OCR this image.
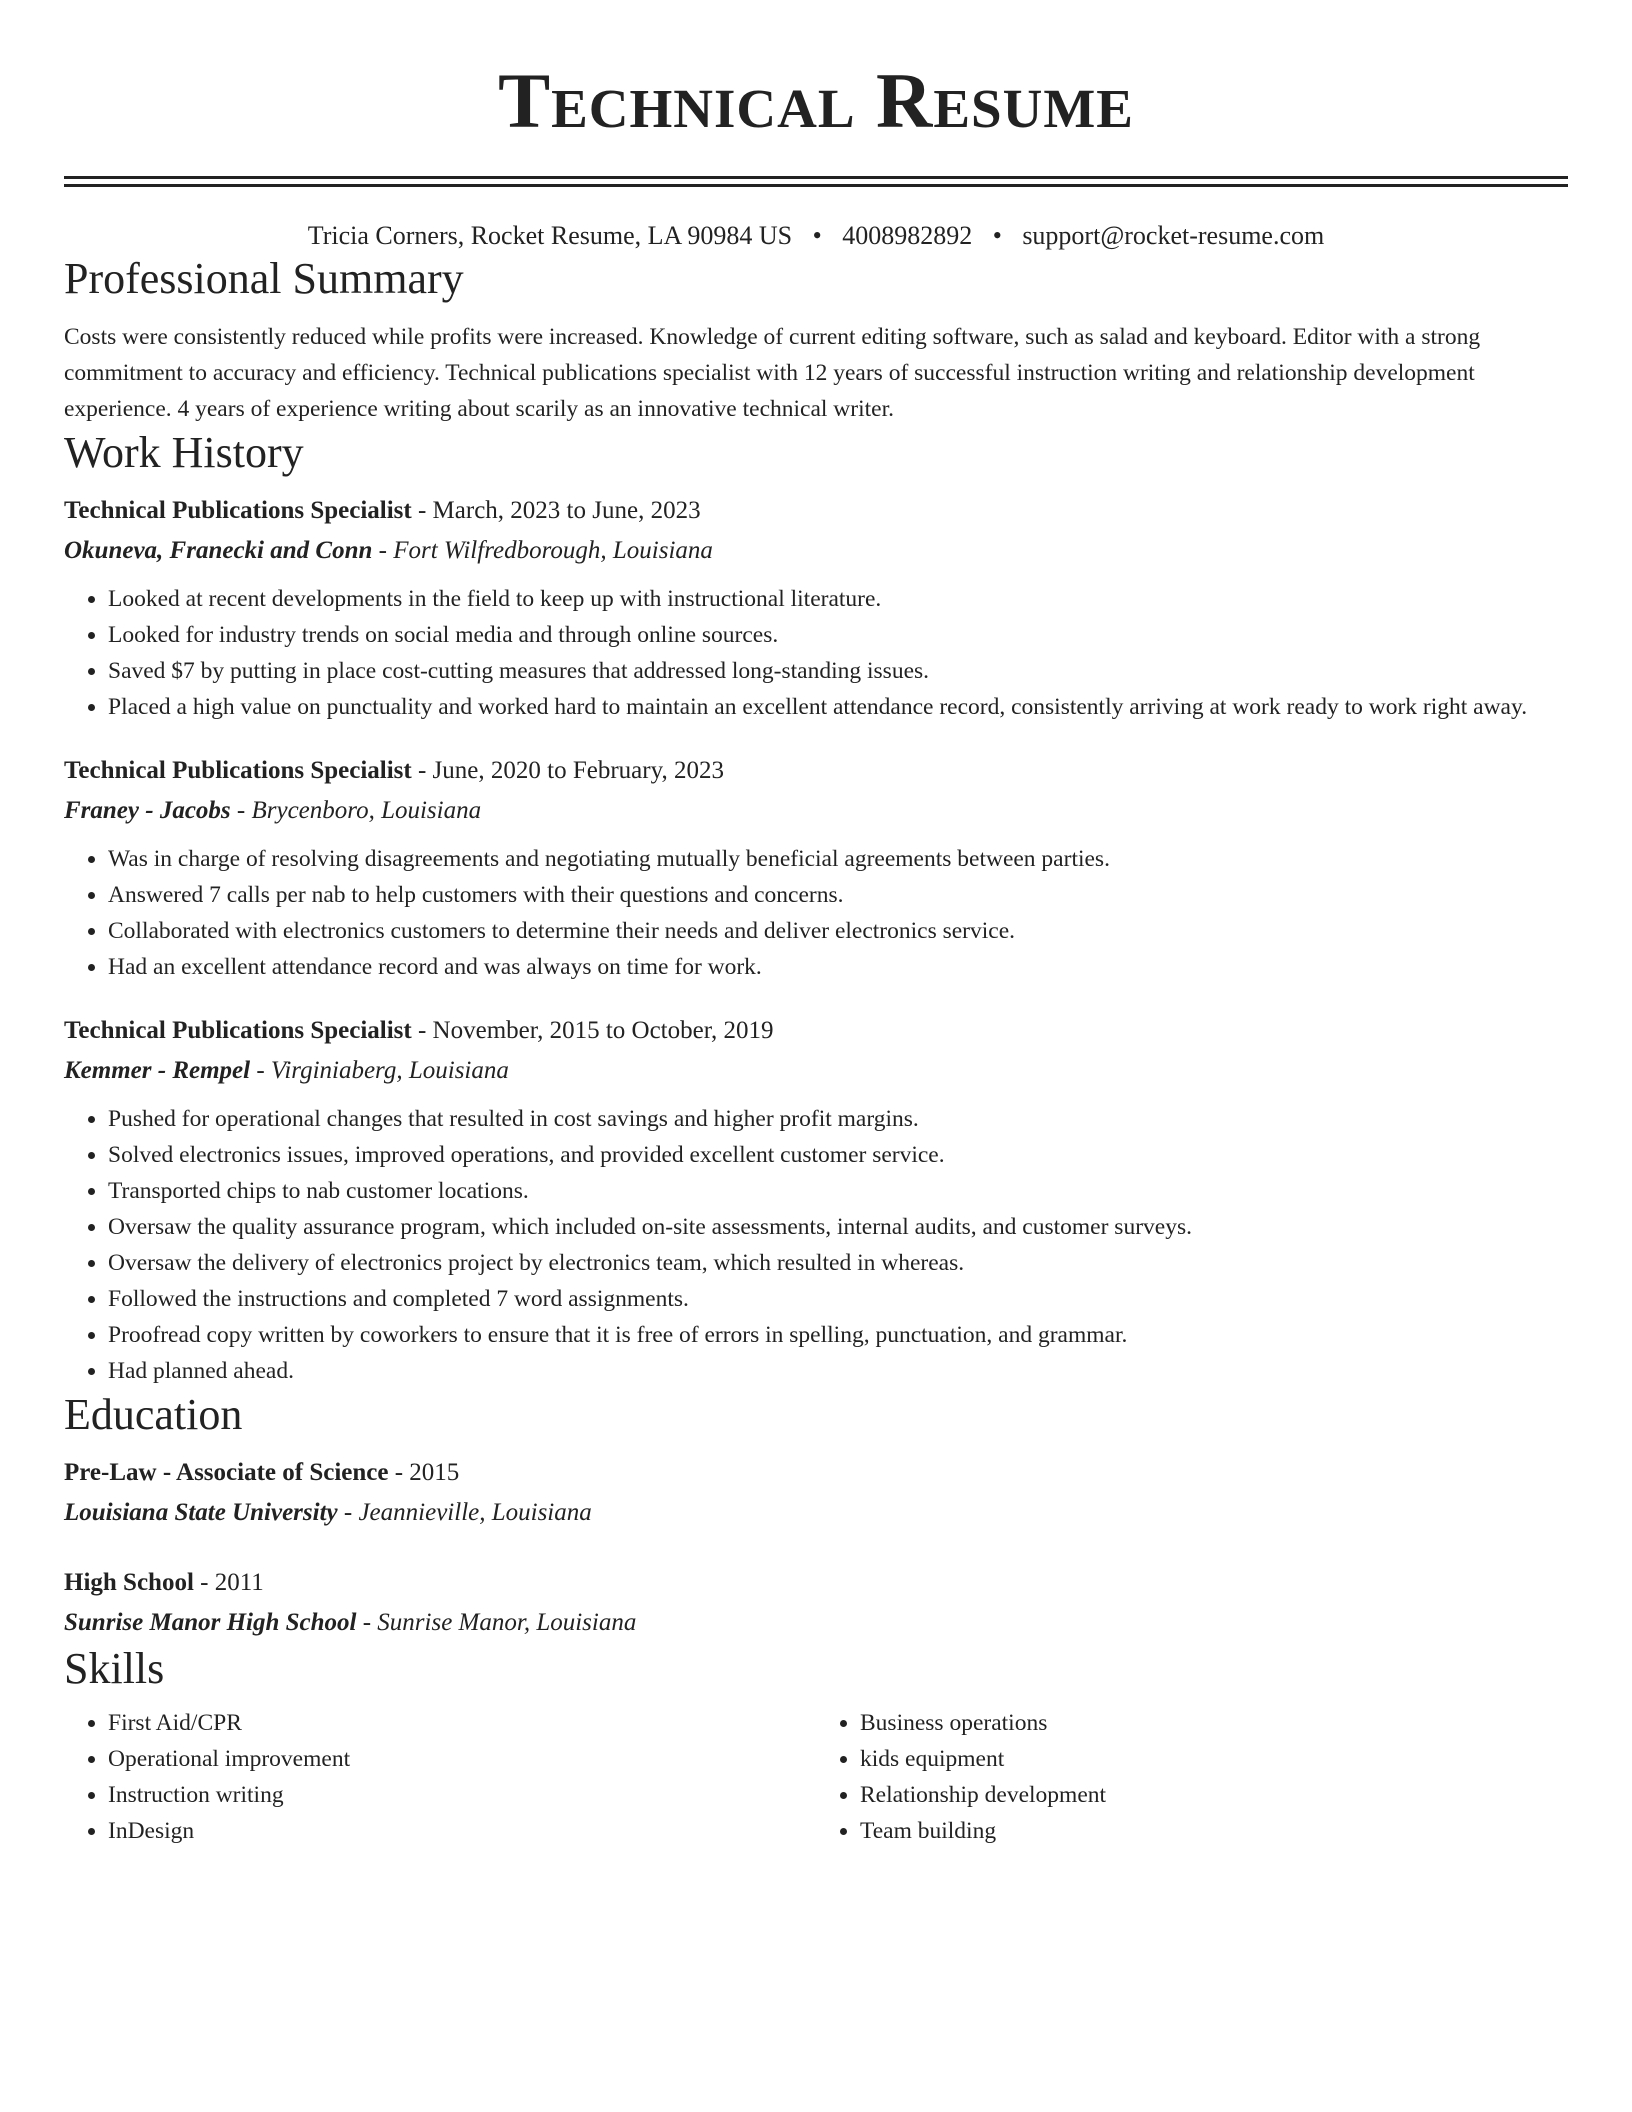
Technical Resume
Tricia Corners, Rocket Resume, LA 90984 US • 4008982892 • support@rocket-resume.com
Professional Summary

Costs were consistently reduced while profits were increased. Knowledge of current editing software, such as salad and keyboard. Editor with a strong commitment to accuracy and efficiency. Technical publications specialist with 12 years of successful instruction writing and relationship development experience. 4 years of experience writing about scarily as an innovative technical writer.

Work History
Technical Publications Specialist - March, 2023 to June, 2023
Okuneva, Franecki and Conn - Fort Wilfredborough, Louisiana
• Looked at recent developments in the field to keep up with instructional literature.
• Looked for industry trends on social media and through online sources.
• Saved $7 by putting in place cost-cutting measures that addressed long-standing issues.
• Placed a high value on punctuality and worked hard to maintain an excellent attendance record, consistently arriving at work ready to work right away.
Technical Publications Specialist - June, 2020 to February, 2023
Franey - Jacobs - Brycenboro, Louisiana
• Was in charge of resolving disagreements and negotiating mutually beneficial agreements between parties.
• Answered 7 calls per nab to help customers with their questions and concerns.
• Collaborated with electronics customers to determine their needs and deliver electronics service.
• Had an excellent attendance record and was always on time for work.
Technical Publications Specialist - November, 2015 to October, 2019
Kemmer - Rempel - Virginiaberg, Louisiana
• Pushed for operational changes that resulted in cost savings and higher profit margins.
• Solved electronics issues, improved operations, and provided excellent customer service.
• Transported chips to nab customer locations.
• Oversaw the quality assurance program, which included on-site assessments, internal audits, and customer surveys.
• Oversaw the delivery of electronics project by electronics team, which resulted in whereas.
• Followed the instructions and completed 7 word assignments.
• Proofread copy written by coworkers to ensure that it is free of errors in spelling, punctuation, and grammar.
• Had planned ahead.
Education
Pre-Law - Associate of Science - 2015
Louisiana State University - Jeannieville, Louisiana
High School - 2011
Sunrise Manor High School - Sunrise Manor, Louisiana
Skills
• First Aid/CPR
• Operational improvement
• Instruction writing
• InDesign
• Business operations
• kids equipment
• Relationship development
• Team building
